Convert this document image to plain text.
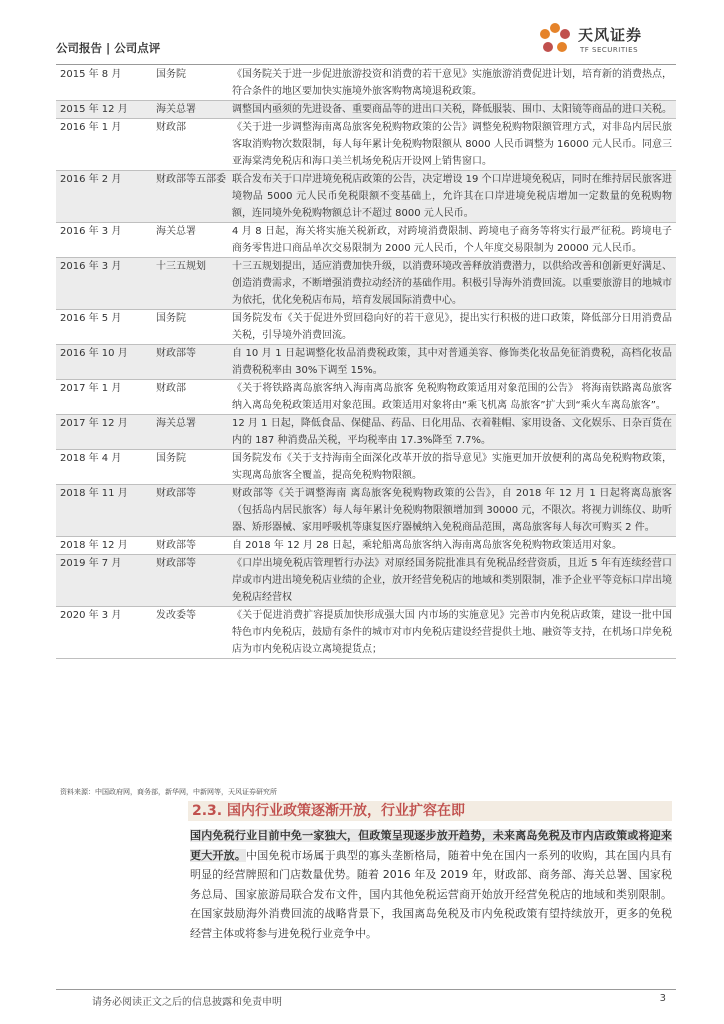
公司报告 | 公司点评
天风证券
TF SECURITIES
2015 年 8 月	国务院	《国务院关于进一步促进旅游投资和消费的若干意见》实施旅游消费促进计划，培育新的消费热点，符合条件的地区要加快实施境外旅客购物离境退税政策。
2015 年 12 月	海关总署	调整国内亟须的先进设备、重要商品等的进出口关税，降低服装、围巾、太阳镜等商品的进口关税。
2016 年 1 月	财政部	《关于进一步调整海南离岛旅客免税购物政策的公告》调整免税购物限额管理方式，对非岛内居民旅客取消购物次数限制，每人每年累计免税购物限额从 8000 人民币调整为 16000 元人民币。同意三亚海棠湾免税店和海口美兰机场免税店开设网上销售窗口。
2016 年 2 月	财政部等五部委 联合发布关于口岸进境免税店政策的公告，决定增设 19 个口岸进境免税店，同时在维持居民旅客进境物品 5000 元人民币免税限额不变基础上，允许其在口岸进境免税店增加一定数量的免税购物额，连同境外免税购物额总计不超过 8000 元人民币。
2016 年 3 月	海关总署	4 月 8 日起，海关将实施关税新政，对跨境消费限制、跨境电子商务等将实行最严征税。跨境电子商务零售进口商品单次交易限制为 2000 元人民币，个人年度交易限制为 20000 元人民币。
2016 年 3 月	十三五规划	十三五规划提出，适应消费加快升级，以消费环境改善释放消费潜力，以供给改善和创新更好满足、创造消费需求，不断增强消费拉动经济的基础作用。积极引导海外消费回流。以重要旅游目的地城市为依托，优化免税店布局，培育发展国际消费中心。
2016 年 5 月	国务院	国务院发布《关于促进外贸回稳向好的若干意见》，提出实行积极的进口政策，降低部分日用消费品关税，引导境外消费回流。
2016 年 10 月	财政部等	自 10 月 1 日起调整化妆品消费税政策，其中对普通美容、修饰类化妆品免征消费税，高档化妆品消费税税率由 30%下调至 15%。
2017 年 1 月	财政部	《关于将铁路离岛旅客纳入海南离岛旅客 免税购物政策适用对象范围的公告》 将海南铁路离岛旅客纳入离岛免税政策适用对象范围。政策适用对象将由“乘飞机离 岛旅客”扩大到“乘火车离岛旅客”。
2017 年 12 月	海关总署	12 月 1 日起，降低食品、保健品、药品、日化用品、衣着鞋帽、家用设备、文化娱乐、日杂百货在内的 187 种消费品关税，平均税率由 17.3%降至 7.7%。
2018 年 4 月	国务院	国务院发布《关于支持海南全面深化改革开放的指导意见》实施更加开放便利的离岛免税购物政策，实现离岛旅客全覆盖，提高免税购物限额。
2018 年 11 月	财政部等	财政部等《关于调整海南 离岛旅客免税购物政策的公告》，自 2018 年 12 月 1 日起将离岛旅客（包括岛内居民旅客）每人每年累计免税购物限额增加到 30000 元，不限次。将视力训练仪、助听器、矫形器械、家用呼吸机等康复医疗器械纳入免税商品范围，离岛旅客每人每次可购买 2 件。
2018 年 12 月	财政部等	自 2018 年 12 月 28 日起，乘轮船离岛旅客纳入海南离岛旅客免税购物政策适用对象。
2019 年 7 月	财政部等	《口岸出境免税店管理暂行办法》对原经国务院批准具有免税品经营资质，且近 5 年有连续经营口岸或市内进出境免税店业绩的企业，放开经营免税店的地域和类别限制，准予企业平等竞标口岸出境免税店经营权
2020 年 3 月	发改委等	《关于促进消费扩容提质加快形成强大国 内市场的实施意见》完善市内免税店政策，建设一批中国特色市内免税店，鼓励有条件的城市对市内免税店建设经营提供土地、融资等支持，在机场口岸免税店为市内免税店设立离境提货点；
资料来源：中国政府网，商务部，新华网，中新网等，天风证券研究所
2.3. 国内行业政策逐渐开放，行业扩容在即
国内免税行业目前中免一家独大，但政策呈现逐步放开趋势，未来离岛免税及市内店政策或将迎来更大开放。中国免税市场属于典型的寡头垄断格局，随着中免在国内一系列的收购，其在国内具有明显的经营牌照和门店数量优势。随着 2016 年及 2019 年，财政部、商务部、海关总署、国家税务总局、国家旅游局联合发布文件，国内其他免税运营商开始放开经营免税店的地域和类别限制。在国家鼓励海外消费回流的战略背景下，我国离岛免税及市内免税政策有望持续放开，更多的免税经营主体或将参与进免税行业竞争中。
请务必阅读正文之后的信息披露和免责申明	3
